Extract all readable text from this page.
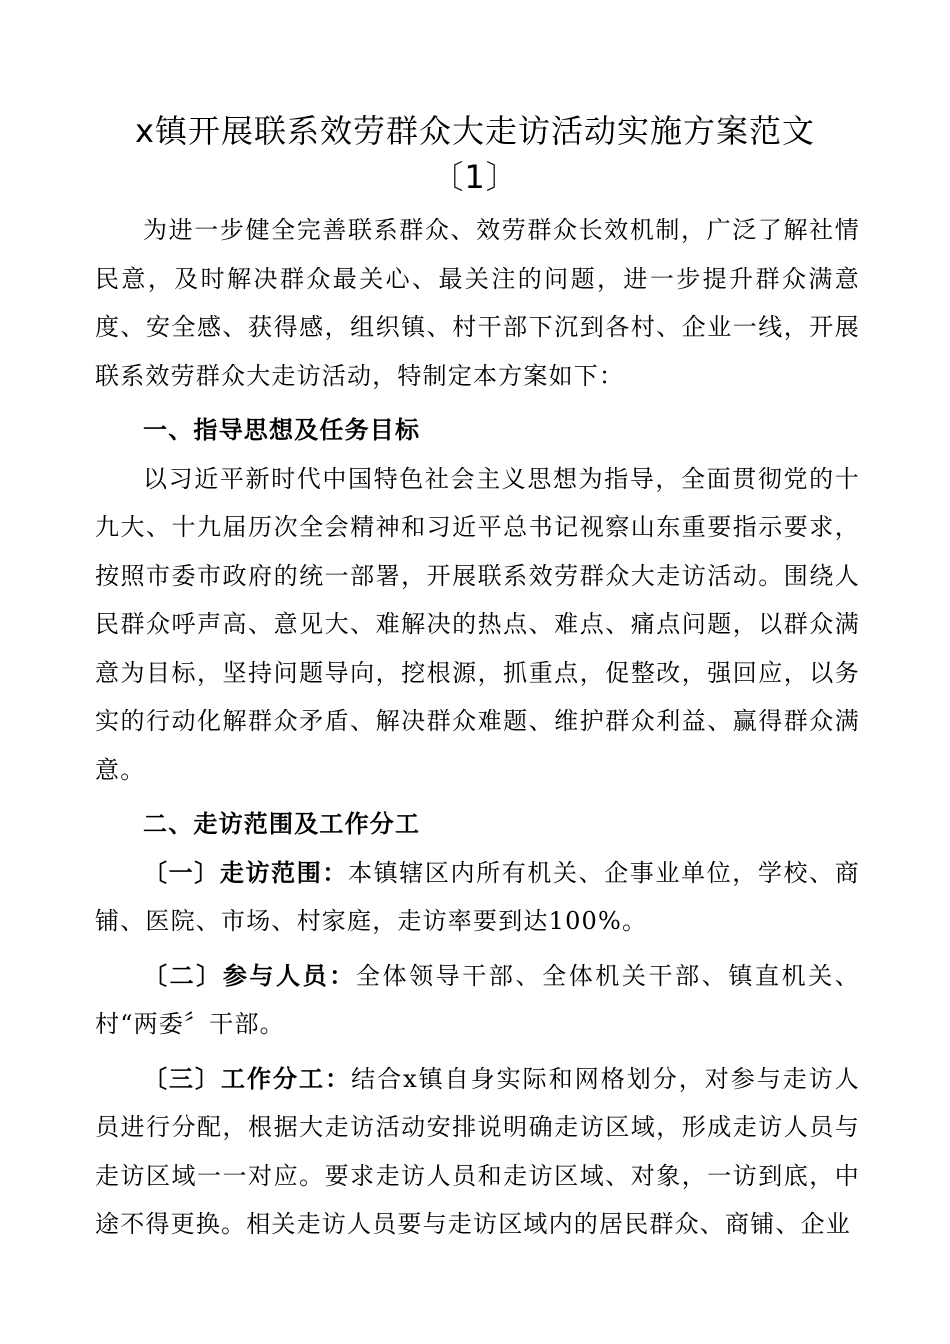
x镇开展联系效劳群众大走访活动实施方案范文
〔1〕

为进一步健全完善联系群众、效劳群众长效机制，广泛了解社情民意，及时解决群众最关心、最关注的问题，进一步提升群众满意度、安全感、获得感，组织镇、村干部下沉到各村、企业一线，开展联系效劳群众大走访活动，特制定本方案如下：

一、指导思想及任务目标

以习近平新时代中国特色社会主义思想为指导，全面贯彻党的十九大、十九届历次全会精神和习近平总书记视察山东重要指示要求，按照市委市政府的统一部署，开展联系效劳群众大走访活动。围绕人民群众呼声高、意见大、难解决的热点、难点、痛点问题，以群众满意为目标，坚持问题导向，挖根源，抓重点，促整改，强回应，以务实的行动化解群众矛盾、解决群众难题、维护群众利益、赢得群众满意。

二、走访范围及工作分工

〔一〕走访范围：本镇辖区内所有机关、企事业单位，学校、商铺、医院、市场、村家庭，走访率要到达100%。

〔二〕参与人员：全体领导干部、全体机关干部、镇直机关、村“两委〞干部。

〔三〕工作分工：结合x镇自身实际和网格划分，对参与走访人员进行分配，根据大走访活动安排说明确走访区域，形成走访人员与走访区域一一对应。要求走访人员和走访区域、对象，一访到底，中途不得更换。相关走访人员要与走访区域内的居民群众、商铺、企业
